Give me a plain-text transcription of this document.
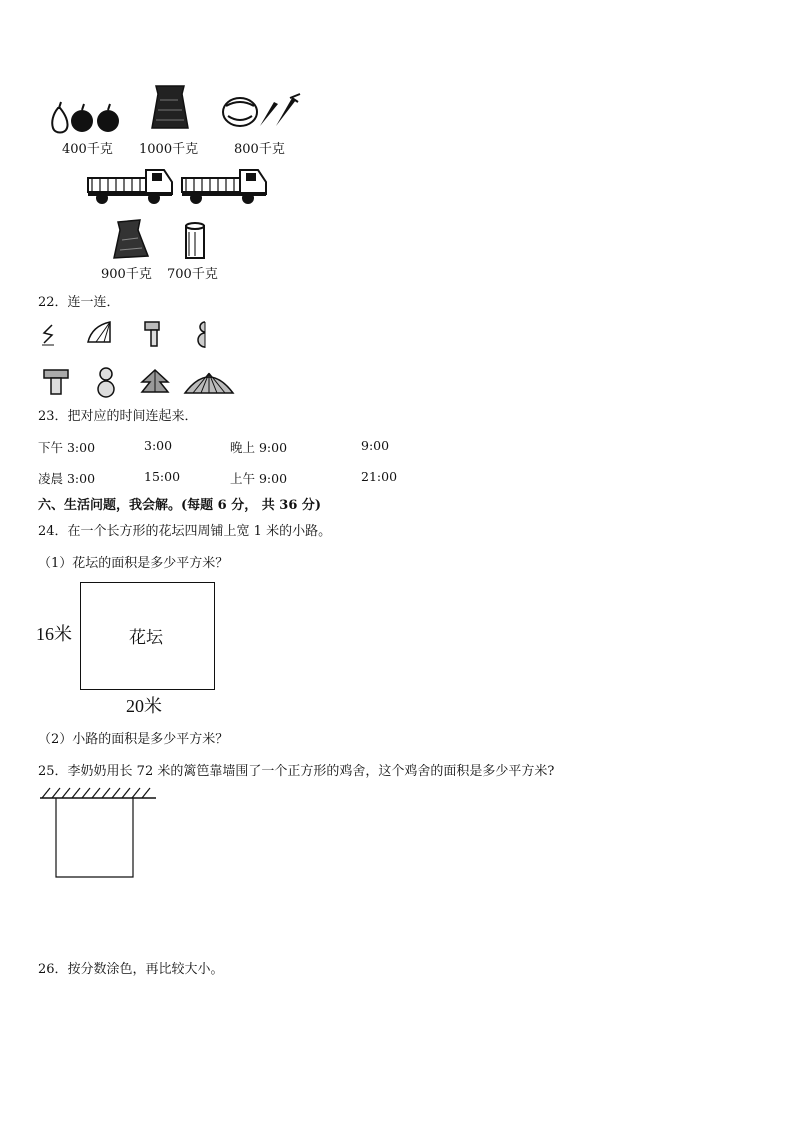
400千克 1000千克	800千克
900千克 700千克
22．连一连．
23．把对应的时间连起来．
下午 3:00	3:00	晚上 9:00	9:00
凌晨 3:00	15:00	上午 9:00	21:00
六、生活问题，我会解。(每题 6 分， 共 36 分)
24．在一个长方形的花坛四周铺上宽 1 米的小路。
（1）花坛的面积是多少平方米？
花坛
16米
20米
（2）小路的面积是多少平方米？
25．李奶奶用长 72 米的篱笆靠墙围了一个正方形的鸡舍，这个鸡舍的面积是多少平方米?
26．按分数涂色，再比较大小。
